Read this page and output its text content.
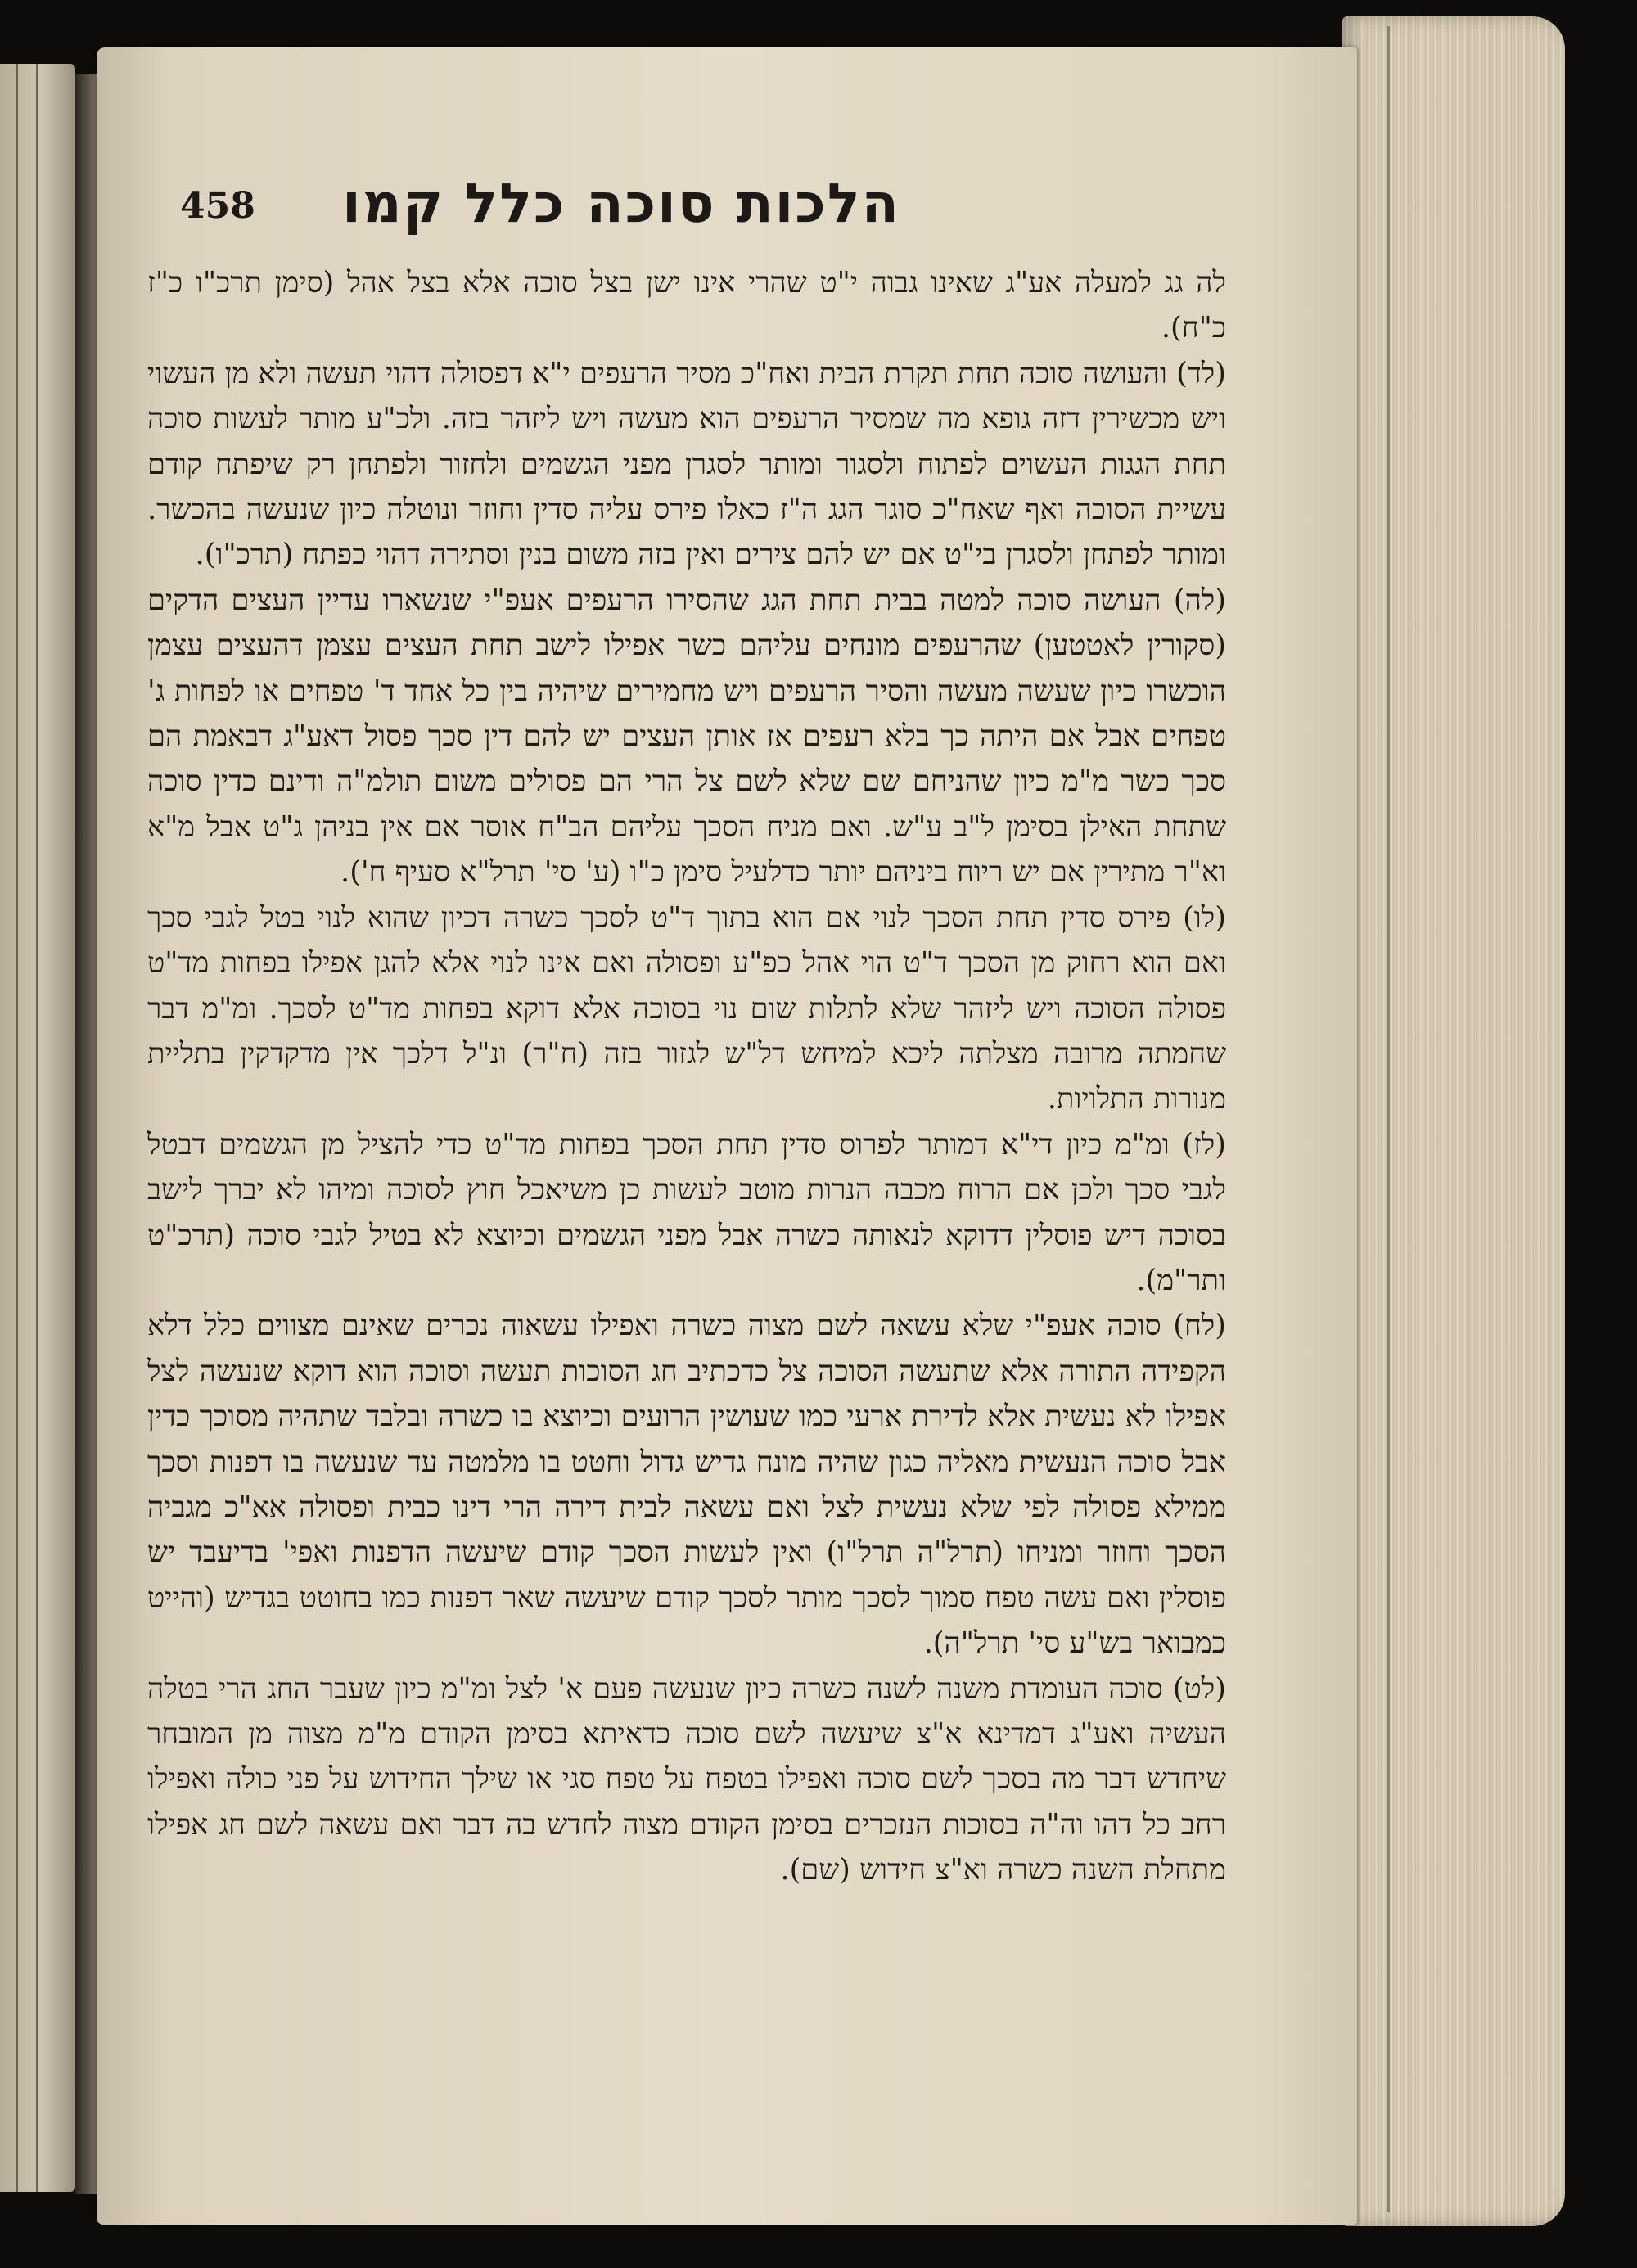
הלכות סוכה כלל קמו
458

לה גג למעלה אע"ג שאינו גבוה י"ט שהרי אינו ישן בצל סוכה אלא בצל אהל (סימן תרכ"ו כ"ז כ"ח).

(לד) והעושה סוכה תחת תקרת הבית ואח"כ מסיר הרעפים י"א דפסולה דהוי תעשה ולא מן העשוי ויש מכשירין דזה גופא מה שמסיר הרעפים הוא מעשה ויש ליזהר בזה. ולכ"ע מותר לעשות סוכה תחת הגגות העשוים לפתוח ולסגור ומותר לסגרן מפני הגשמים ולחזור ולפתחן רק שיפתח קודם עשיית הסוכה ואף שאח"כ סוגר הגג ה"ז כאלו פירס עליה סדין וחוזר ונוטלה כיון שנעשה בהכשר. ומותר לפתחן ולסגרן בי"ט אם יש להם צירים ואין בזה משום בנין וסתירה דהוי כפתח (תרכ"ו).

(לה) העושה סוכה למטה בבית תחת הגג שהסירו הרעפים אעפ"י שנשארו עדיין העצים הדקים (סקורין לאטטען) שהרעפים מונחים עליהם כשר אפילו לישב תחת העצים עצמן דהעצים עצמן הוכשרו כיון שעשה מעשה והסיר הרעפים ויש מחמירים שיהיה בין כל אחד ד' טפחים או לפחות ג' טפחים אבל אם היתה כך בלא רעפים אז אותן העצים יש להם דין סכך פסול דאע"ג דבאמת הם סכך כשר מ"מ כיון שהניחם שם שלא לשם צל הרי הם פסולים משום תולמ"ה ודינם כדין סוכה שתחת האילן בסימן ל"ב ע"ש. ואם מניח הסכך עליהם הב"ח אוסר אם אין בניהן ג"ט אבל מ"א וא"ר מתירין אם יש ריוח ביניהם יותר כדלעיל סימן כ"ו (ע' סי' תרל"א סעיף ח').

(לו) פירס סדין תחת הסכך לנוי אם הוא בתוך ד"ט לסכך כשרה דכיון שהוא לנוי בטל לגבי סכך ואם הוא רחוק מן הסכך ד"ט הוי אהל כפ"ע ופסולה ואם אינו לנוי אלא להגן אפילו בפחות מד"ט פסולה הסוכה ויש ליזהר שלא לתלות שום נוי בסוכה אלא דוקא בפחות מד"ט לסכך. ומ"מ דבר שחמתה מרובה מצלתה ליכא למיחש דל"ש לגזור בזה (ח"ר) ונ"ל דלכך אין מדקדקין בתליית מנורות התלויות.

(לז) ומ"מ כיון די"א דמותר לפרוס סדין תחת הסכך בפחות מד"ט כדי להציל מן הגשמים דבטל לגבי סכך ולכן אם הרוח מכבה הנרות מוטב לעשות כן משיאכל חוץ לסוכה ומיהו לא יברך לישב בסוכה דיש פוסלין דדוקא לנאותה כשרה אבל מפני הגשמים וכיוצא לא בטיל לגבי סוכה (תרכ"ט ותר"מ).

(לח) סוכה אעפ"י שלא עשאה לשם מצוה כשרה ואפילו עשאוה נכרים שאינם מצווים כלל דלא הקפידה התורה אלא שתעשה הסוכה צל כדכתיב חג הסוכות תעשה וסוכה הוא דוקא שנעשה לצל אפילו לא נעשית אלא לדירת ארעי כמו שעושין הרועים וכיוצא בו כשרה ובלבד שתהיה מסוכך כדין אבל סוכה הנעשית מאליה כגון שהיה מונח גדיש גדול וחטט בו מלמטה עד שנעשה בו דפנות וסכך ממילא פסולה לפי שלא נעשית לצל ואם עשאה לבית דירה הרי דינו כבית ופסולה אא"כ מגביה הסכך וחוזר ומניחו (תרל"ה תרל"ו) ואין לעשות הסכך קודם שיעשה הדפנות ואפי' בדיעבד יש פוסלין ואם עשה טפח סמוך לסכך מותר לסכך קודם שיעשה שאר דפנות כמו בחוטט בגדיש (והייט כמבואר בש"ע סי' תרל"ה).

(לט) סוכה העומדת משנה לשנה כשרה כיון שנעשה פעם א' לצל ומ"מ כיון שעבר החג הרי בטלה העשיה ואע"ג דמדינא א"צ שיעשה לשם סוכה כדאיתא בסימן הקודם מ"מ מצוה מן המובחר שיחדש דבר מה בסכך לשם סוכה ואפילו בטפח על טפח סגי או שילך החידוש על פני כולה ואפילו רחב כל דהו וה"ה בסוכות הנזכרים בסימן הקודם מצוה לחדש בה דבר ואם עשאה לשם חג אפילו מתחלת השנה כשרה וא"צ חידוש (שם).
